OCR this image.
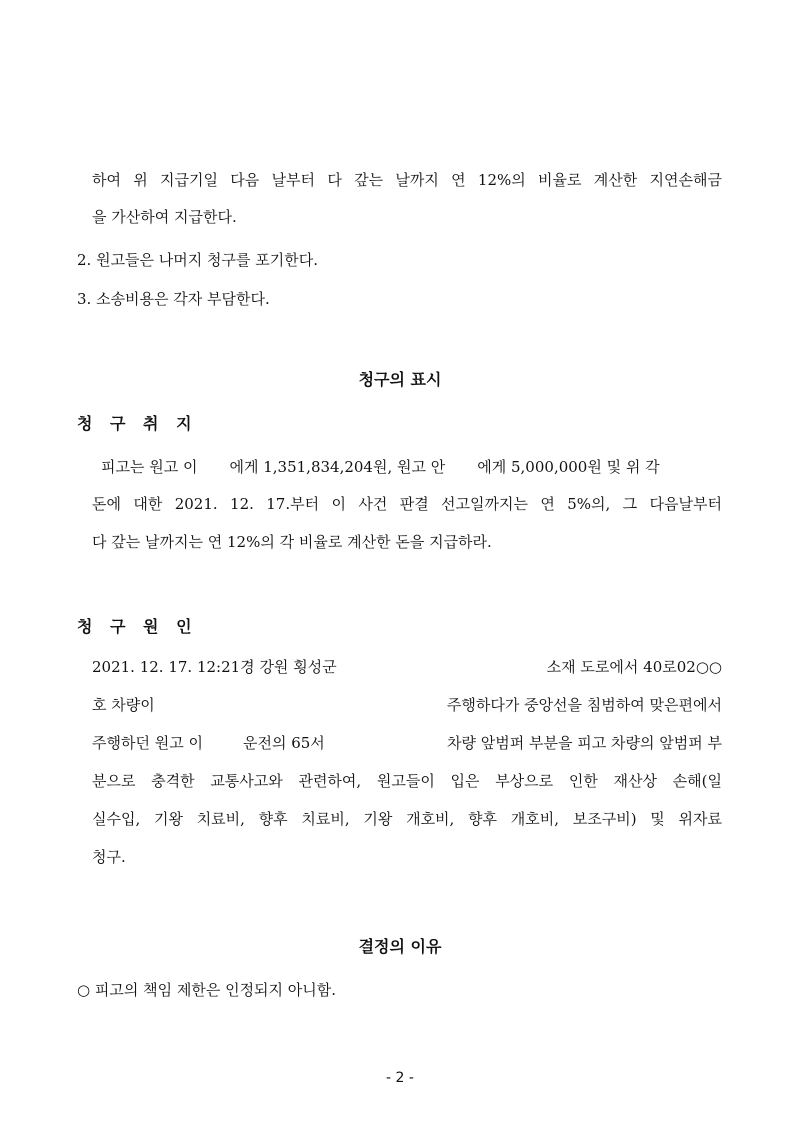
하여 위 지급기일 다음 날부터 다 갚는 날까지 연 12%의 비율로 계산한 지연손해금
을 가산하여 지급한다.
2. 원고들은 나머지 청구를 포기한다.
3. 소송비용은 각자 부담한다.
청구의 표시
청 구 취 지
피고는 원고 이 에게 1,351,834,204원, 원고 안 에게 5,000,000원 및 위 각
돈에 대한 2021. 12. 17.부터 이 사건 판결 선고일까지는 연 5%의, 그 다음날부터
다 갚는 날까지는 연 12%의 각 비율로 계산한 돈을 지급하라.
청 구 원 인
2021. 12. 17. 12:21경 강원 횡성군	소재 도로에서 40로02○○
호 차량이	주행하다가 중앙선을 침범하여 맞은편에서
주행하던 원고 이	운전의 65서	차량 앞범퍼 부분을 피고 차량의 앞범퍼 부
분으로 충격한 교통사고와 관련하여, 원고들이 입은 부상으로 인한 재산상 손해(일
실수입, 기왕 치료비, 향후 치료비, 기왕 개호비, 향후 개호비, 보조구비) 및 위자료
청구.
결정의 이유
○ 피고의 책임 제한은 인정되지 아니함.
- 2 -
